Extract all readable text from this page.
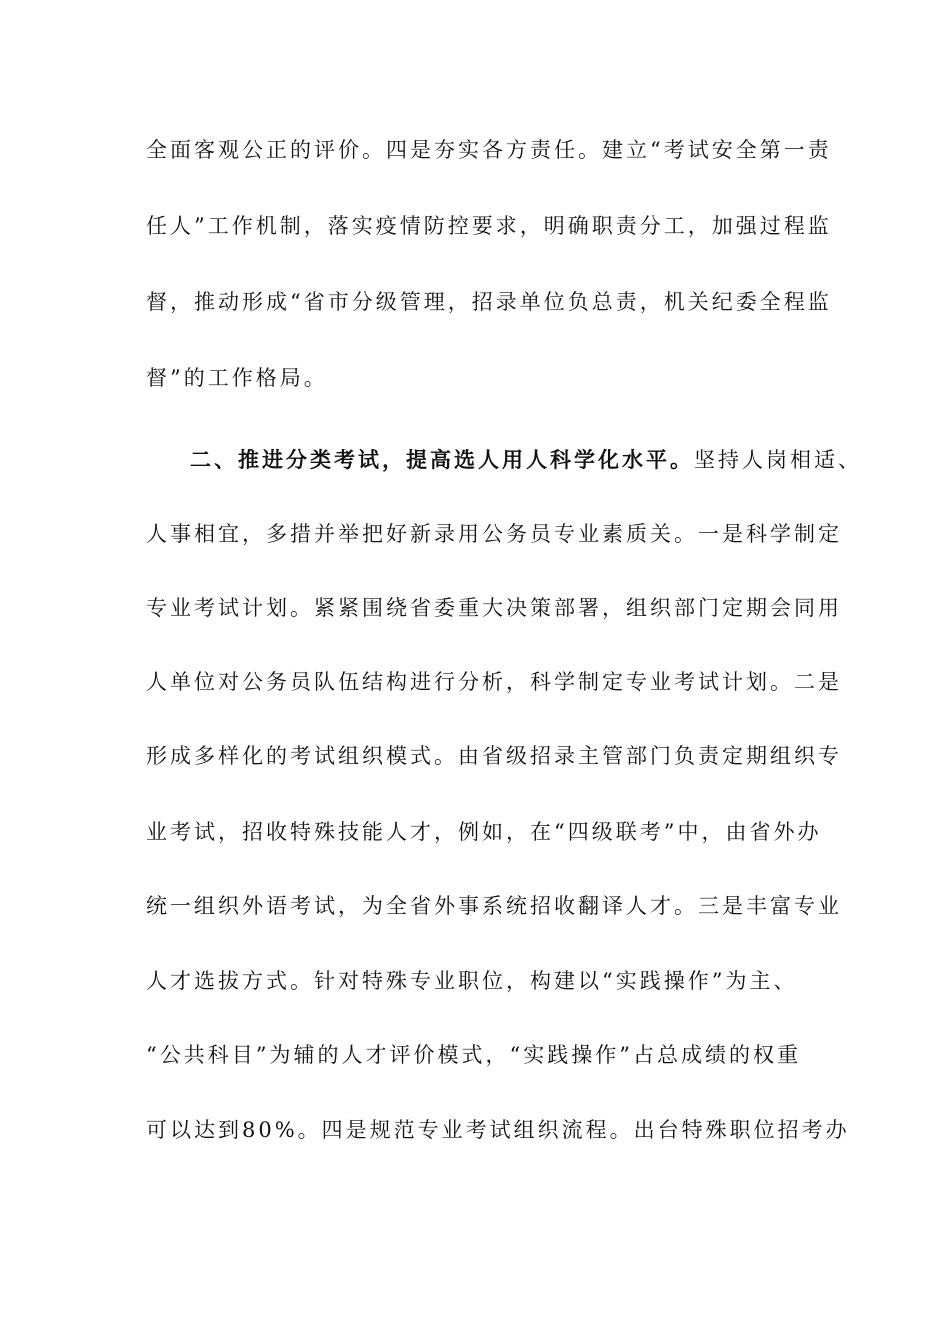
全面客观公正的评价。四是夯实各方责任。建立“考试安全第一责
任人”工作机制，落实疫情防控要求，明确职责分工，加强过程监
督，推动形成“省市分级管理，招录单位负总责，机关纪委全程监
督”的工作格局。
二、推进分类考试，提高选人用人科学化水平。坚持人岗相适、
人事相宜，多措并举把好新录用公务员专业素质关。一是科学制定
专业考试计划。紧紧围绕省委重大决策部署，组织部门定期会同用
人单位对公务员队伍结构进行分析，科学制定专业考试计划。二是
形成多样化的考试组织模式。由省级招录主管部门负责定期组织专
业考试，招收特殊技能人才，例如，在“四级联考”中，由省外办
统一组织外语考试，为全省外事系统招收翻译人才。三是丰富专业
人才选拔方式。针对特殊专业职位，构建以“实践操作”为主、
“公共科目”为辅的人才评价模式，“实践操作”占总成绩的权重
可以达到80%。四是规范专业考试组织流程。出台特殊职位招考办
